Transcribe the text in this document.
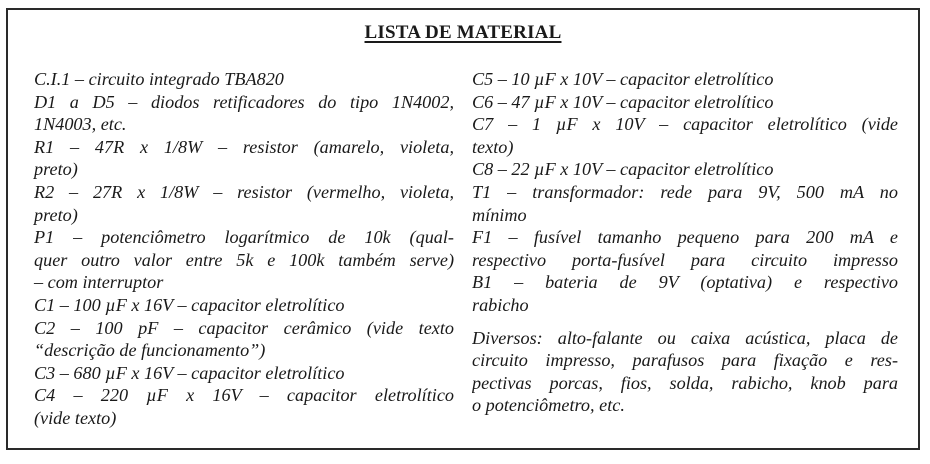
LISTA DE MATERIAL
C.I.1 – circuito integrado TBA820
D1 a D5 – diodos retificadores do tipo 1N4002,
1N4003, etc.
R1 – 47R x 1/8W – resistor (amarelo, violeta,
preto)
R2 – 27R x 1/8W – resistor (vermelho, violeta,
preto)
P1 – potenciômetro logarítmico de 10k (qual-
quer outro valor entre 5k e 100k também serve)
– com interruptor
C1 – 100 µF x 16V – capacitor eletrolítico
C2 – 100 pF – capacitor cerâmico (vide texto
“descrição de funcionamento”)
C3 – 680 µF x 16V – capacitor eletrolítico
C4 – 220 µF x 16V – capacitor eletrolítico
(vide texto)
C5 – 10 µF x 10V – capacitor eletrolítico
C6 – 47 µF x 10V – capacitor eletrolítico
C7 – 1 µF x 10V – capacitor eletrolítico (vide
texto)
C8 – 22 µF x 10V – capacitor eletrolítico
T1 – transformador: rede para 9V, 500 mA no
mínimo
F1 – fusível tamanho pequeno para 200 mA e
respectivo porta-fusível para circuito impresso
B1 – bateria de 9V (optativa) e respectivo
rabicho
Diversos: alto-falante ou caixa acústica, placa de
circuito impresso, parafusos para fixação e res-
pectivas porcas, fios, solda, rabicho, knob para
o potenciômetro, etc.
